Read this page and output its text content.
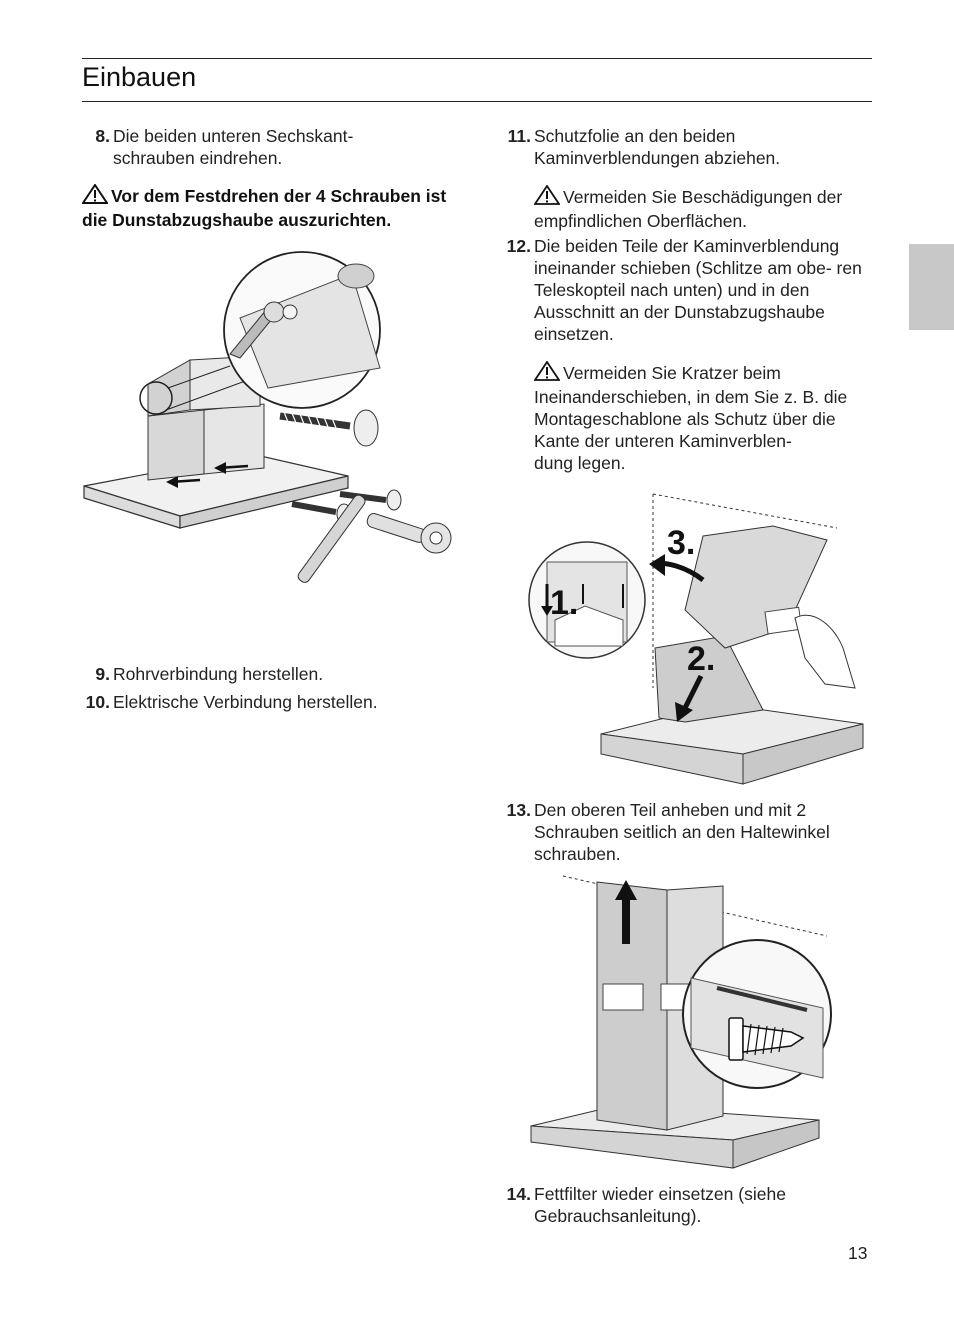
Einbauen
8. Die beiden unteren Sechskant-
schrauben eindrehen.
Vor dem Festdrehen der 4 Schrauben ist die Dunstabzugshaube auszurichten.
9. Rohrverbindung herstellen.
10. Elektrische Verbindung herstellen.
11. Schutzfolie an den beiden Kaminverblendungen abziehen.
Vermeiden Sie Beschädigungen der empfindlichen Oberflächen.
12. Die beiden Teile der Kaminverblendung ineinander schieben (Schlitze am obe- ren Teleskopteil nach unten) und in den Ausschnitt an der Dunstabzugshaube einsetzen.
Vermeiden Sie Kratzer beim Ineinanderschieben, in dem Sie z. B. die Montageschablone als Schutz über die Kante der unteren Kaminverblen-
dung legen.
3.
1.
2.
13. Den oberen Teil anheben und mit 2 Schrauben seitlich an den Haltewinkel schrauben.
14. Fettfilter wieder einsetzen (siehe Gebrauchsanleitung).
13
